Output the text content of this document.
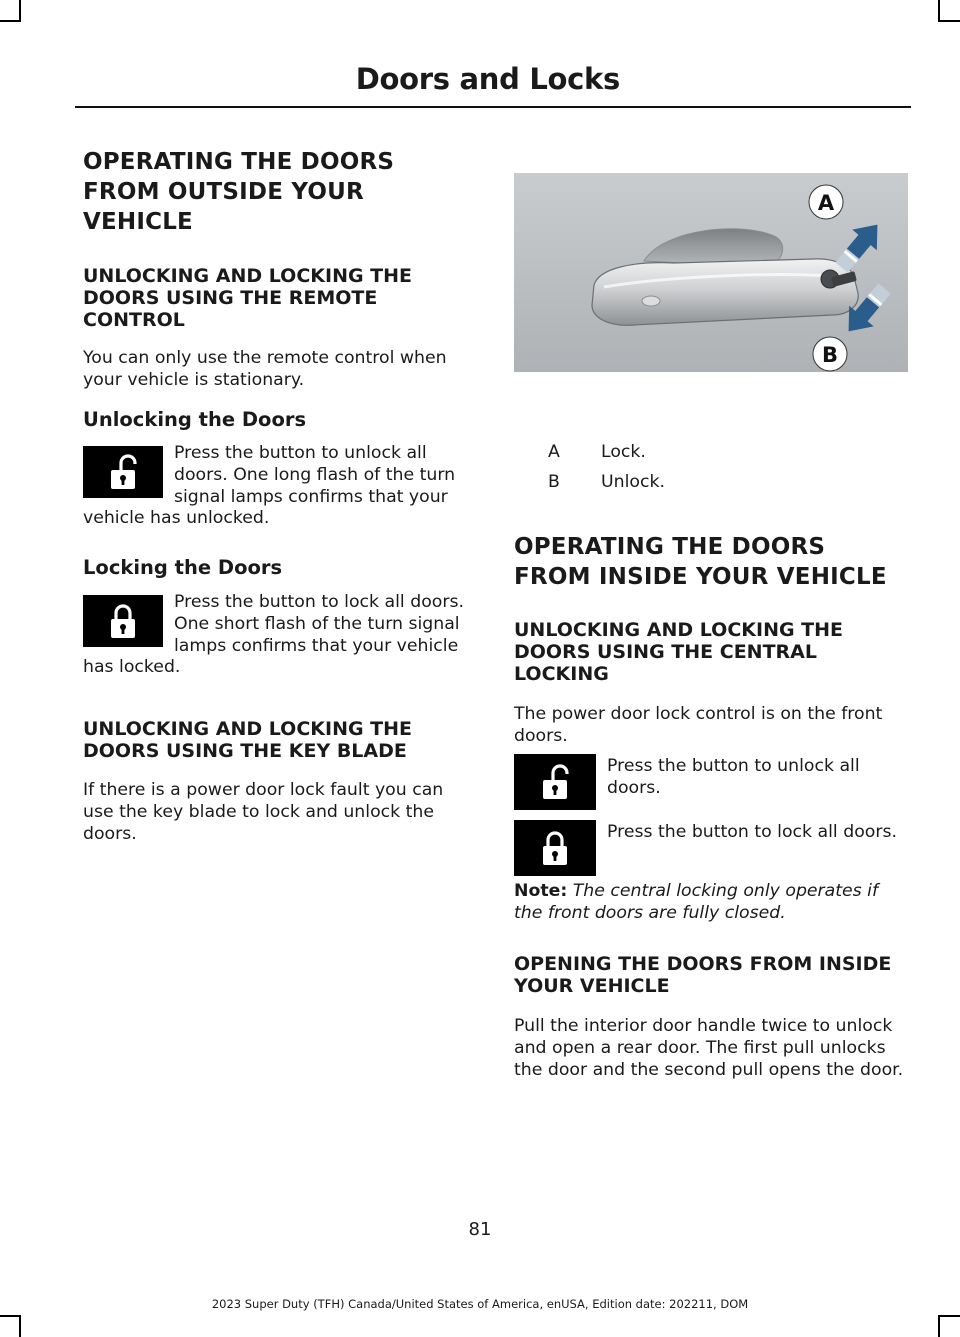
Doors and Locks
OPERATING THE DOORS
FROM OUTSIDE YOUR
VEHICLE
UNLOCKING AND LOCKING THE DOORS USING THE REMOTE CONTROL
You can only use the remote control when your vehicle is stationary.
Unlocking the Doors
Press the button to unlock all doors. One long flash of the turn signal lamps confirms that your vehicle has unlocked.
Locking the Doors
Press the button to lock all doors. One short flash of the turn signal lamps confirms that your vehicle has locked.
UNLOCKING AND LOCKING THE DOORS USING THE KEY BLADE
If there is a power door lock fault you can use the key blade to lock and unlock the doors.
A
B
A Lock.
B Unlock.
OPERATING THE DOORS
FROM INSIDE YOUR VEHICLE
UNLOCKING AND LOCKING THE DOORS USING THE CENTRAL LOCKING
The power door lock control is on the front doors.
Press the button to unlock all doors.
Press the button to lock all doors.
Note: The central locking only operates if the front doors are fully closed.
OPENING THE DOORS FROM INSIDE YOUR VEHICLE
Pull the interior door handle twice to unlock and open a rear door. The first pull unlocks the door and the second pull opens the door.
81
2023 Super Duty (TFH) Canada/United States of America, enUSA, Edition date: 202211, DOM
